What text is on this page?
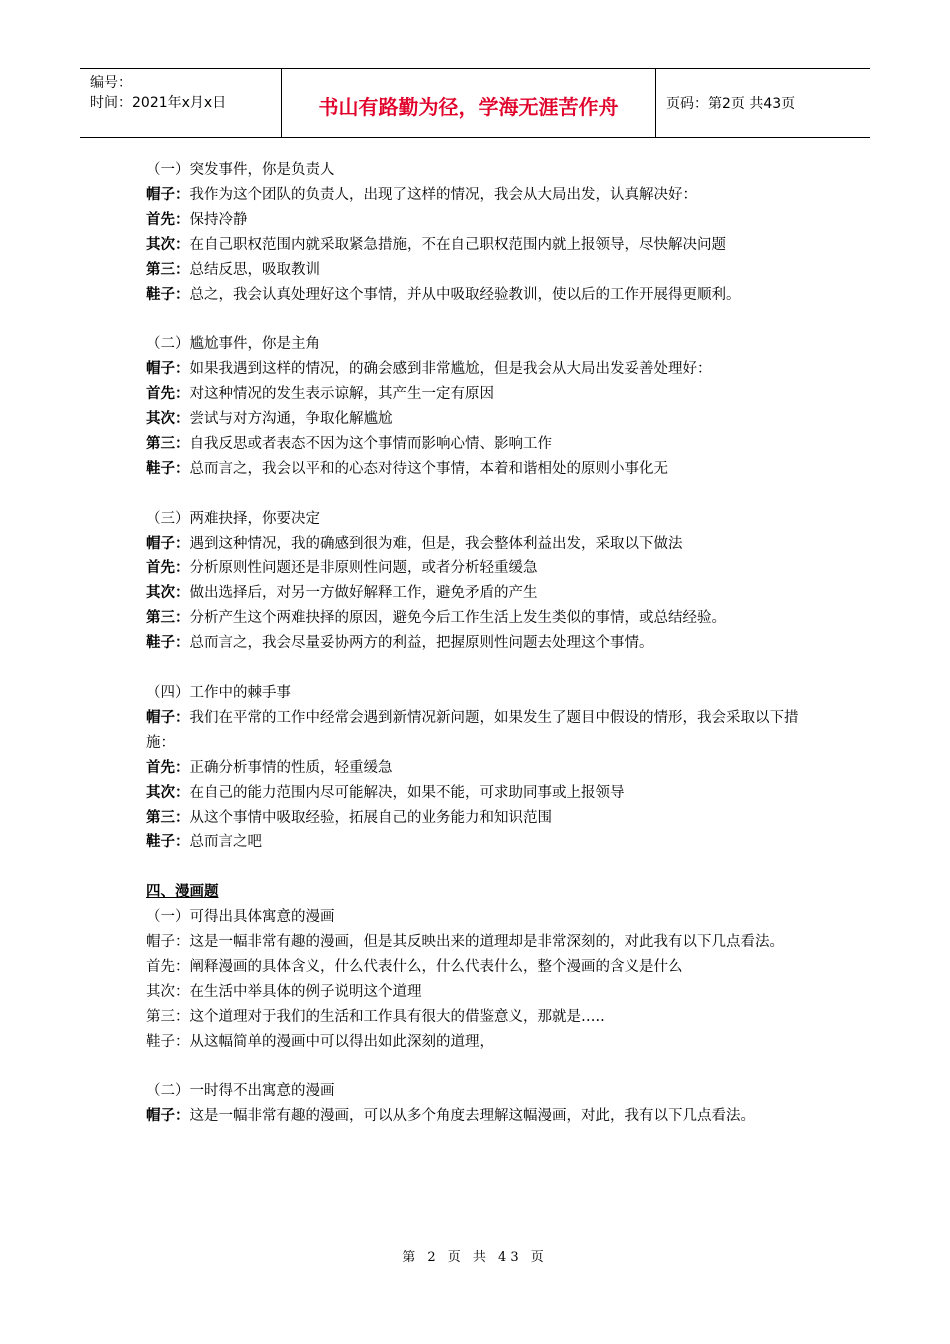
编号：
时间：2021年x月x日	书山有路勤为径，学海无涯苦作舟	页码：第2页 共43页

（一）突发事件，你是负责人

帽子：我作为这个团队的负责人，出现了这样的情况，我会从大局出发，认真解决好：

首先：保持冷静

其次：在自己职权范围内就采取紧急措施，不在自己职权范围内就上报领导，尽快解决问题

第三：总结反思，吸取教训

鞋子：总之，我会认真处理好这个事情，并从中吸取经验教训，使以后的工作开展得更顺利。

（二）尴尬事件，你是主角

帽子：如果我遇到这样的情况，的确会感到非常尴尬，但是我会从大局出发妥善处理好：

首先：对这种情况的发生表示谅解，其产生一定有原因

其次：尝试与对方沟通，争取化解尴尬

第三：自我反思或者表态不因为这个事情而影响心情、影响工作

鞋子：总而言之，我会以平和的心态对待这个事情，本着和谐相处的原则小事化无

（三）两难抉择，你要决定

帽子：遇到这种情况，我的确感到很为难，但是，我会整体利益出发，采取以下做法

首先：分析原则性问题还是非原则性问题，或者分析轻重缓急

其次：做出选择后，对另一方做好解释工作，避免矛盾的产生

第三：分析产生这个两难抉择的原因，避免今后工作生活上发生类似的事情，或总结经验。

鞋子：总而言之，我会尽量妥协两方的利益，把握原则性问题去处理这个事情。

（四）工作中的棘手事

帽子：我们在平常的工作中经常会遇到新情况新问题，如果发生了题目中假设的情形，我会采取以下措施：

首先：正确分析事情的性质，轻重缓急

其次：在自己的能力范围内尽可能解决，如果不能，可求助同事或上报领导

第三：从这个事情中吸取经验，拓展自己的业务能力和知识范围

鞋子：总而言之吧

四、漫画题

（一）可得出具体寓意的漫画

帽子：这是一幅非常有趣的漫画，但是其反映出来的道理却是非常深刻的，对此我有以下几点看法。

首先：阐释漫画的具体含义，什么代表什么，什么代表什么，整个漫画的含义是什么

其次：在生活中举具体的例子说明这个道理

第三：这个道理对于我们的生活和工作具有很大的借鉴意义，那就是…..

鞋子：从这幅简单的漫画中可以得出如此深刻的道理，

（二）一时得不出寓意的漫画

帽子：这是一幅非常有趣的漫画，可以从多个角度去理解这幅漫画，对此，我有以下几点看法。

第 2 页 共 43 页
